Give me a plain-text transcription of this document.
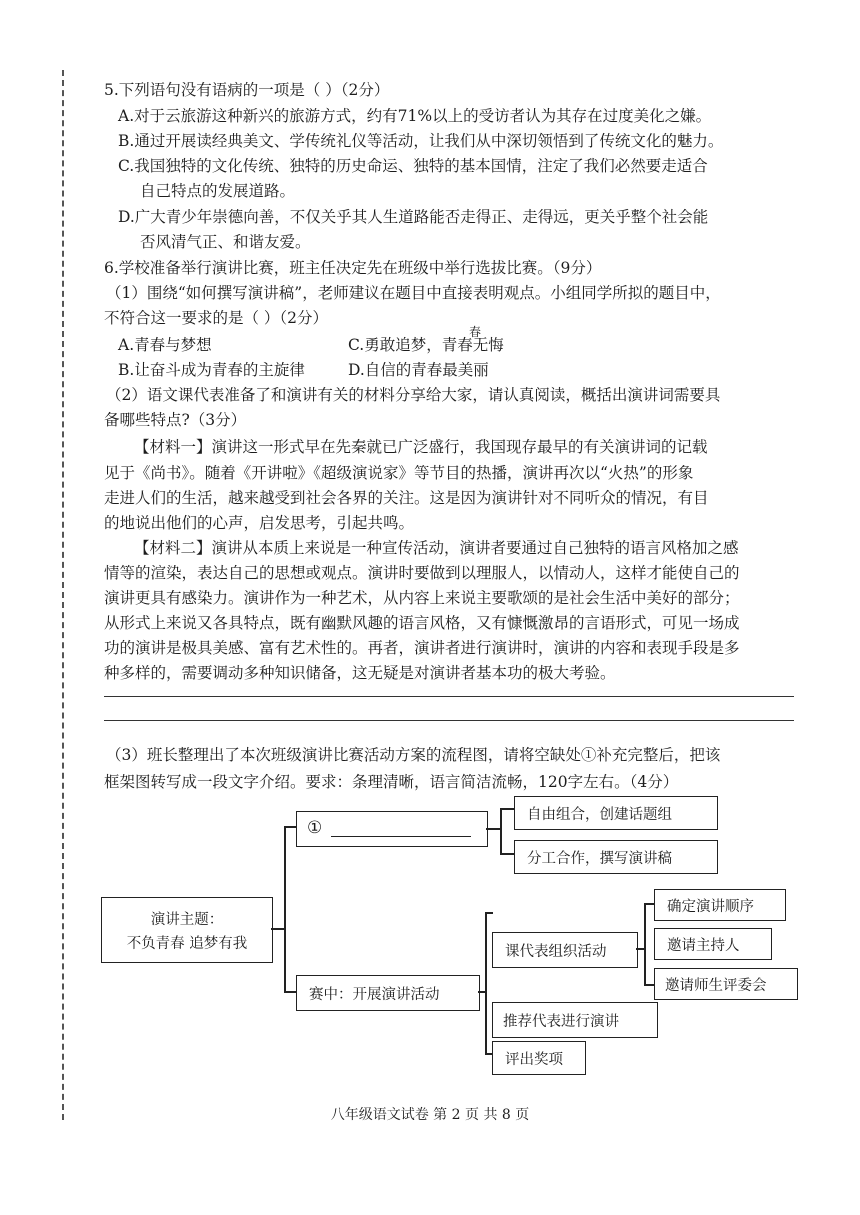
5.下列语句没有语病的一项是（ ）（2分）
A.对于云旅游这种新兴的旅游方式，约有71%以上的受访者认为其存在过度美化之嫌。
B.通过开展读经典美文、学传统礼仪等活动，让我们从中深切领悟到了传统文化的魅力。
C.我国独特的文化传统、独特的历史命运、独特的基本国情，注定了我们必然要走适合
自己特点的发展道路。
D.广大青少年崇德向善，不仅关乎其人生道路能否走得正、走得远，更关乎整个社会能
否风清气正、和谐友爱。
6.学校准备举行演讲比赛，班主任决定先在班级中举行选拔比赛。（9分）
（1）围绕“如何撰写演讲稿”，老师建议在题目中直接表明观点。小组同学所拟的题目中，
不符合这一要求的是（ ）（2分）
A.青春与梦想	C.勇敢追梦，青春无悔
春
B.让奋斗成为青春的主旋律	D.自信的青春最美丽
（2）语文课代表准备了和演讲有关的材料分享给大家，请认真阅读，概括出演讲词需要具
备哪些特点?（3分）
【材料一】演讲这一形式早在先秦就已广泛盛行，我国现存最早的有关演讲词的记载
见于《尚书》。随着《开讲啦》《超级演说家》等节目的热播，演讲再次以“火热”的形象
走进人们的生活，越来越受到社会各界的关注。这是因为演讲针对不同听众的情况，有目
的地说出他们的心声，启发思考，引起共鸣。
【材料二】演讲从本质上来说是一种宣传活动，演讲者要通过自己独特的语言风格加之感
情等的渲染，表达自己的思想或观点。演讲时要做到以理服人，以情动人，这样才能使自己的
演讲更具有感染力。演讲作为一种艺术，从内容上来说主要歌颂的是社会生活中美好的部分；
从形式上来说又各具特点，既有幽默风趣的语言风格，又有慷慨激昂的言语形式，可见一场成
功的演讲是极具美感、富有艺术性的。再者，演讲者进行演讲时，演讲的内容和表现手段是多
种多样的，需要调动多种知识储备，这无疑是对演讲者基本功的极大考验。
（3）班长整理出了本次班级演讲比赛活动方案的流程图，请将空缺处①补充完整后，把该
框架图转写成一段文字介绍。要求：条理清晰，语言简洁流畅，120字左右。（4分）
演讲主题：
不负青春 追梦有我
①
自由组合，创建话题组
分工合作，撰写演讲稿
赛中：开展演讲活动
课代表组织活动
确定演讲顺序
邀请主持人
邀请师生评委会
推荐代表进行演讲
评出奖项
八年级语文试卷 第 2 页 共 8 页
